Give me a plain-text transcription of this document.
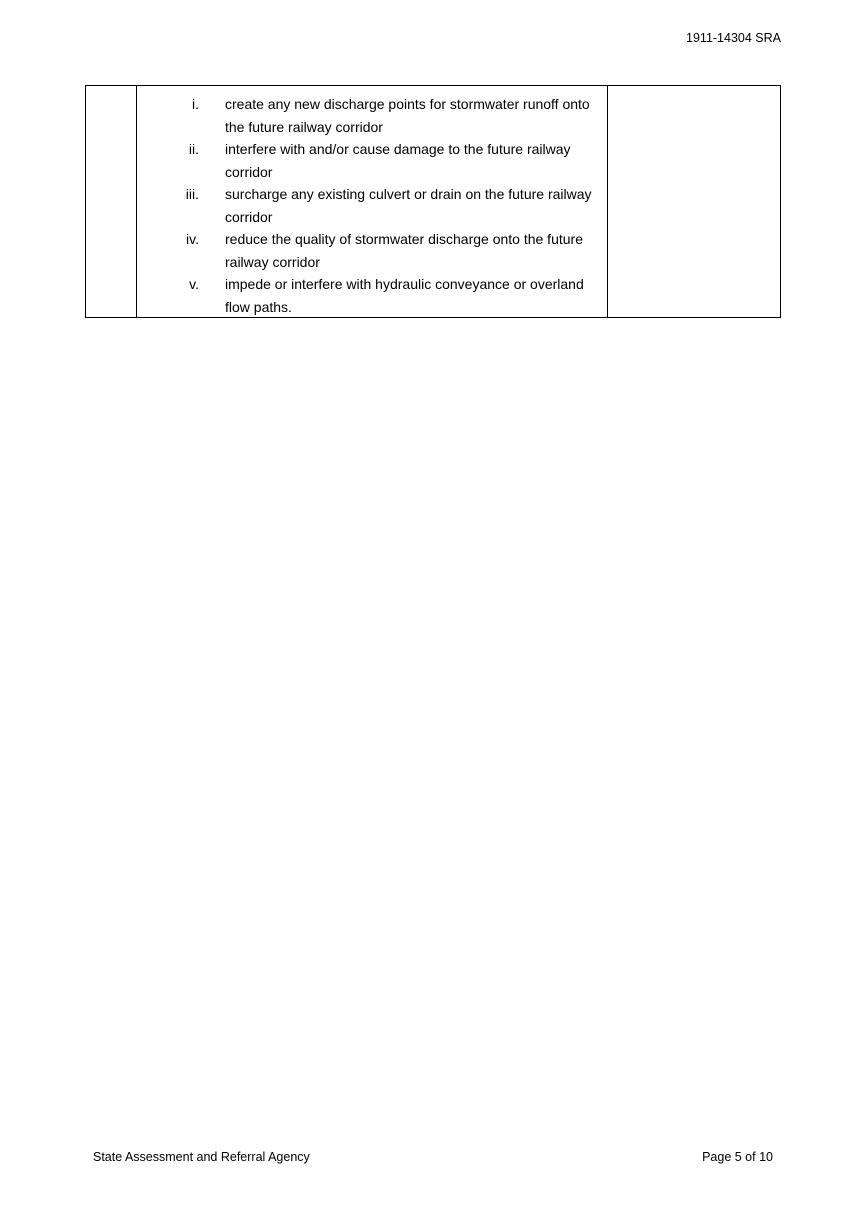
1911-14304 SRA
i. create any new discharge points for stormwater runoff onto the future railway corridor
ii. interfere with and/or cause damage to the future railway corridor
iii. surcharge any existing culvert or drain on the future railway corridor
iv. reduce the quality of stormwater discharge onto the future railway corridor
v. impede or interfere with hydraulic conveyance or overland flow paths.
State Assessment and Referral Agency	Page 5 of 10
